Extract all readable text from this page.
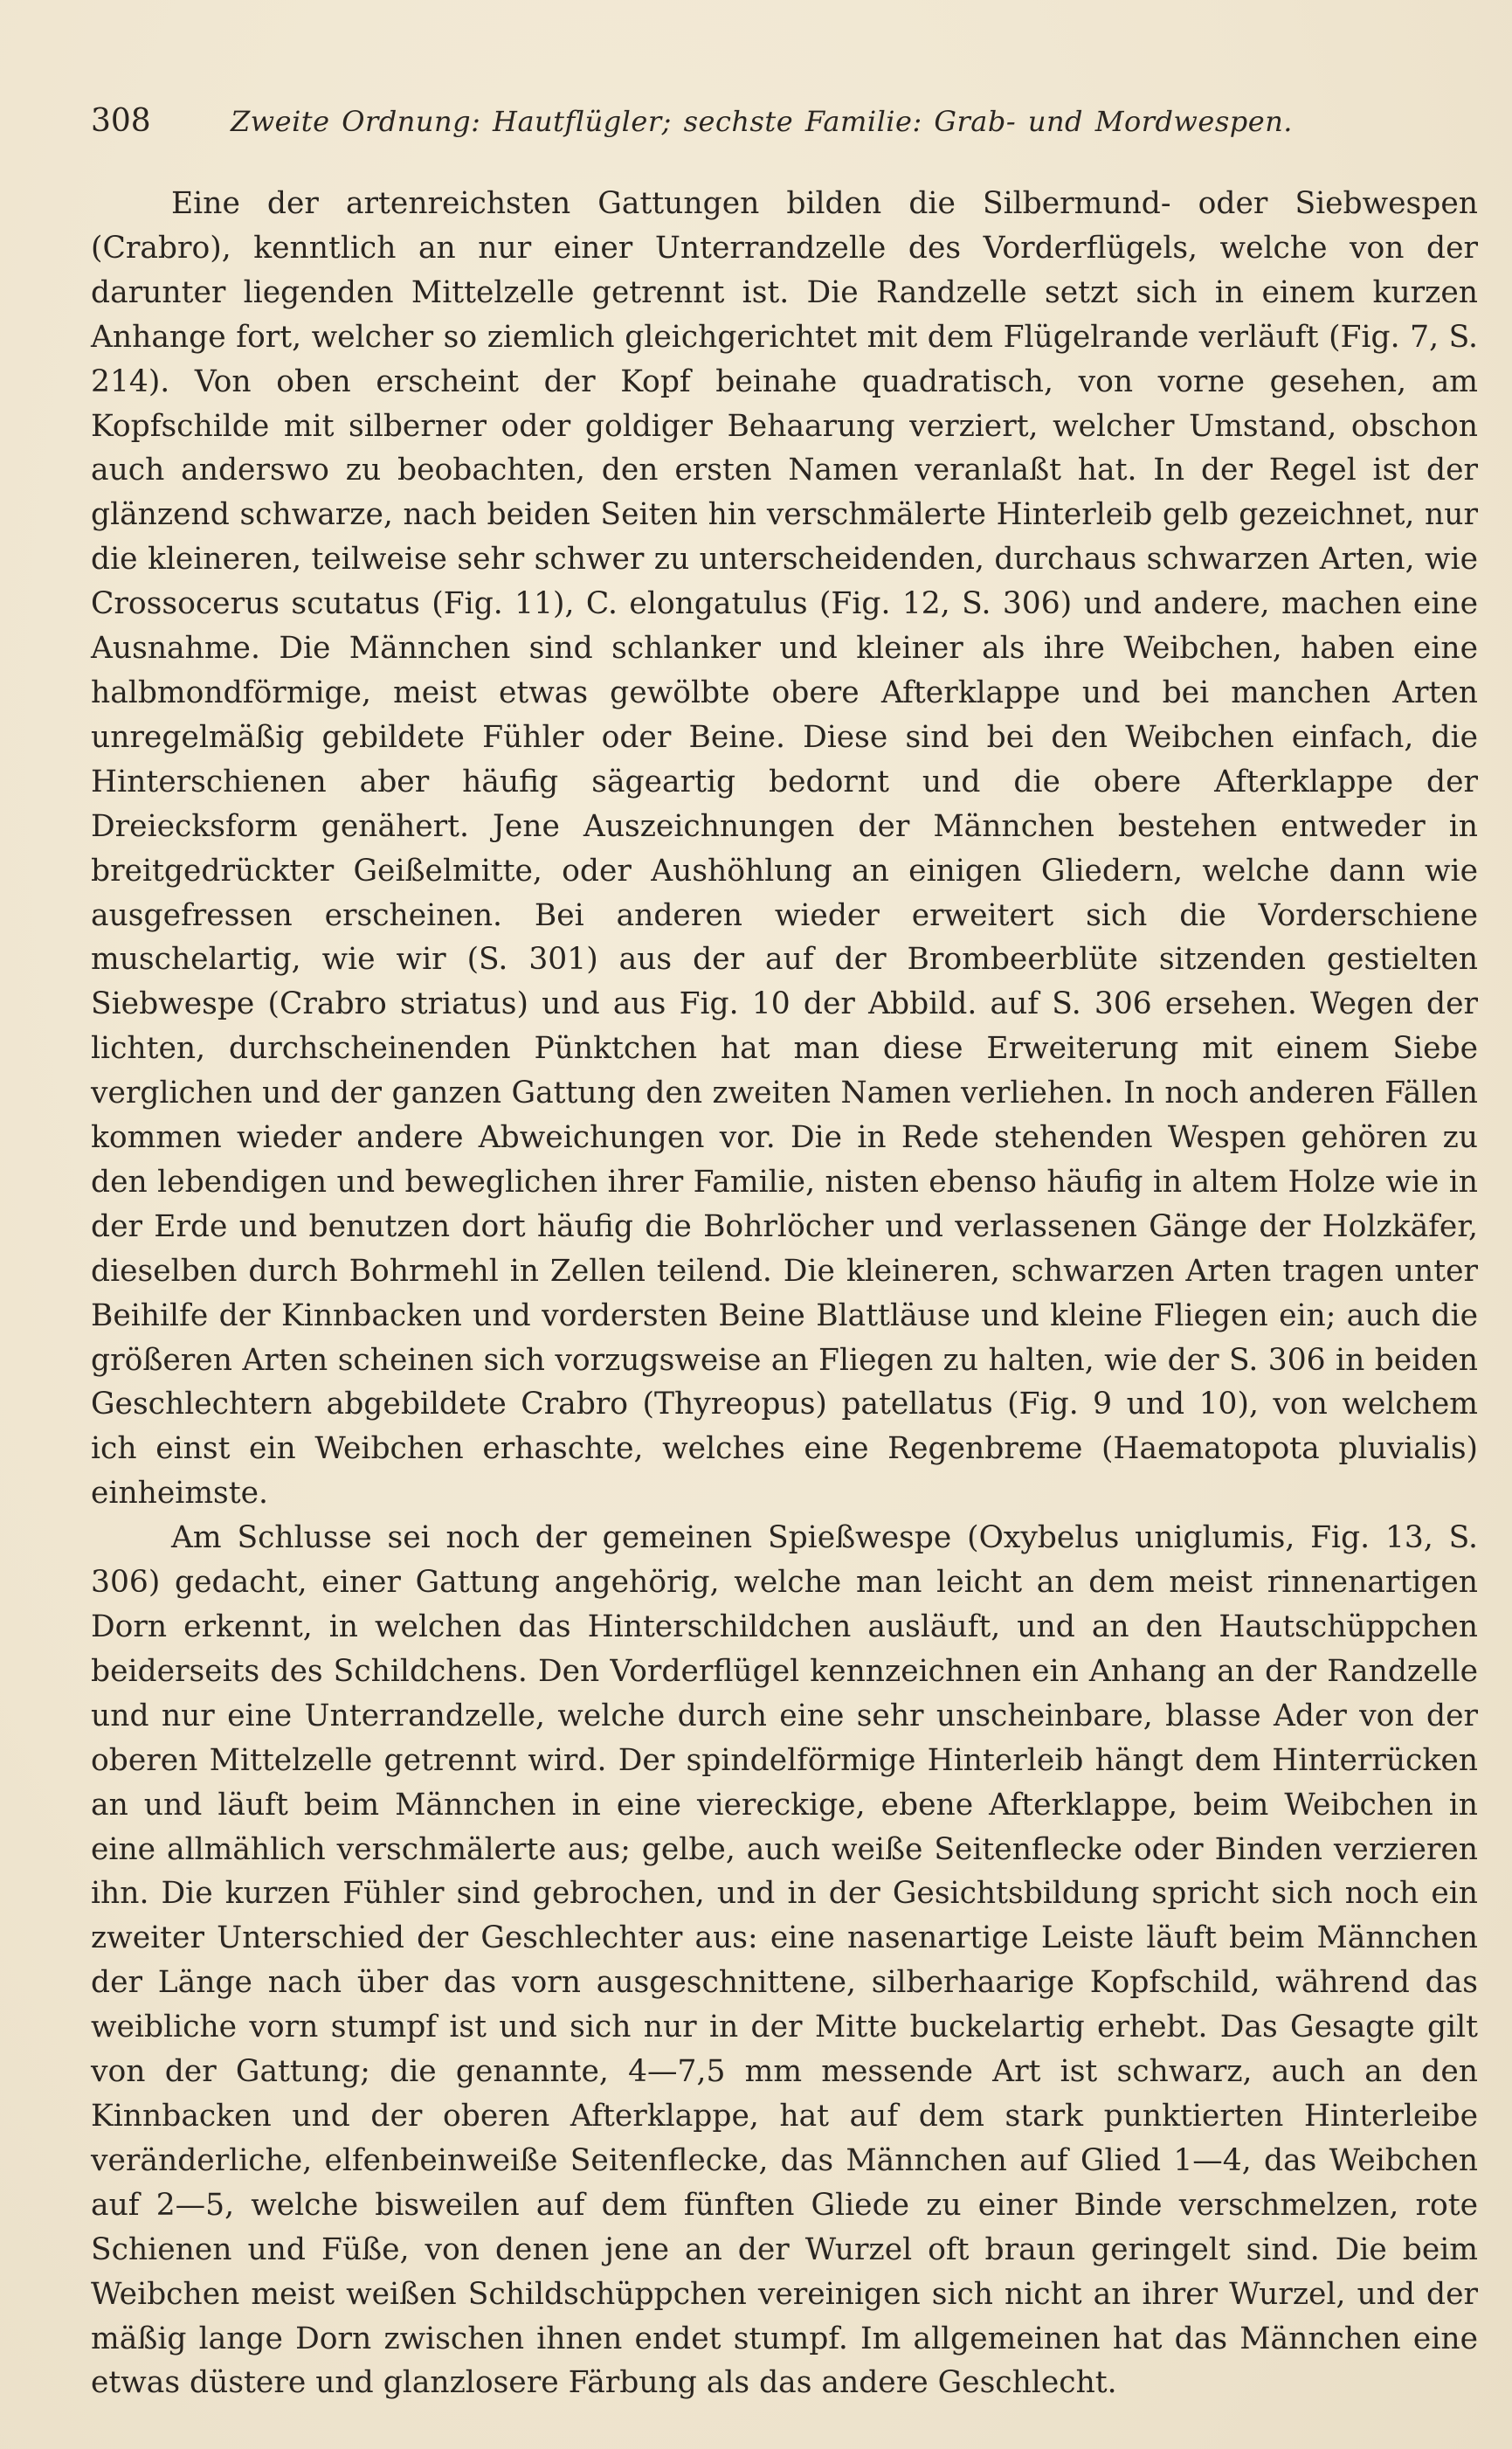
308	Zweite Ordnung: Hautflügler; sechste Familie: Grab- und Mordwespen.

Eine der artenreichsten Gattungen bilden die Silbermund- oder Siebwespen (Crabro), kenntlich an nur einer Unterrandzelle des Vorderflügels, welche von der darunter liegenden Mittelzelle getrennt ist. Die Randzelle setzt sich in einem kurzen Anhange fort, welcher so ziemlich gleichgerichtet mit dem Flügelrande verläuft (Fig. 7, S. 214). Von oben erscheint der Kopf beinahe quadratisch, von vorne gesehen, am Kopfschilde mit silberner oder goldiger Behaarung verziert, welcher Umstand, obschon auch anderswo zu beobachten, den ersten Namen veranlaßt hat. In der Regel ist der glänzend schwarze, nach beiden Seiten hin verschmälerte Hinterleib gelb gezeichnet, nur die kleineren, teilweise sehr schwer zu unterscheidenden, durchaus schwarzen Arten, wie Crossocerus scutatus (Fig. 11), C. elongatulus (Fig. 12, S. 306) und andere, machen eine Ausnahme. Die Männchen sind schlanker und kleiner als ihre Weibchen, haben eine halbmondförmige, meist etwas gewölbte obere Afterklappe und bei manchen Arten unregelmäßig gebildete Fühler oder Beine. Diese sind bei den Weibchen einfach, die Hinterschienen aber häufig sägeartig bedornt und die obere Afterklappe der Dreiecksform genähert. Jene Auszeichnungen der Männchen bestehen entweder in breitgedrückter Geißelmitte, oder Aushöhlung an einigen Gliedern, welche dann wie ausgefressen erscheinen. Bei anderen wieder erweitert sich die Vorderschiene muschelartig, wie wir (S. 301) aus der auf der Brombeerblüte sitzenden gestielten Siebwespe (Crabro striatus) und aus Fig. 10 der Abbild. auf S. 306 ersehen. Wegen der lichten, durchscheinenden Pünktchen hat man diese Erweiterung mit einem Siebe verglichen und der ganzen Gattung den zweiten Namen verliehen. In noch anderen Fällen kommen wieder andere Abweichungen vor. Die in Rede stehenden Wespen gehören zu den lebendigen und beweglichen ihrer Familie, nisten ebenso häufig in altem Holze wie in der Erde und benutzen dort häufig die Bohrlöcher und verlassenen Gänge der Holzkäfer, dieselben durch Bohrmehl in Zellen teilend. Die kleineren, schwarzen Arten tragen unter Beihilfe der Kinnbacken und vordersten Beine Blattläuse und kleine Fliegen ein; auch die größeren Arten scheinen sich vorzugsweise an Fliegen zu halten, wie der S. 306 in beiden Geschlechtern abgebildete Crabro (Thyreopus) patellatus (Fig. 9 und 10), von welchem ich einst ein Weibchen erhaschte, welches eine Regenbreme (Haematopota pluvialis) einheimste.

Am Schlusse sei noch der gemeinen Spießwespe (Oxybelus uniglumis, Fig. 13, S. 306) gedacht, einer Gattung angehörig, welche man leicht an dem meist rinnenartigen Dorn erkennt, in welchen das Hinterschildchen ausläuft, und an den Hautschüppchen beiderseits des Schildchens. Den Vorderflügel kennzeichnen ein Anhang an der Randzelle und nur eine Unterrandzelle, welche durch eine sehr unscheinbare, blasse Ader von der oberen Mittelzelle getrennt wird. Der spindelförmige Hinterleib hängt dem Hinterrücken an und läuft beim Männchen in eine viereckige, ebene Afterklappe, beim Weibchen in eine allmählich verschmälerte aus; gelbe, auch weiße Seitenflecke oder Binden verzieren ihn. Die kurzen Fühler sind gebrochen, und in der Gesichtsbildung spricht sich noch ein zweiter Unterschied der Geschlechter aus: eine nasenartige Leiste läuft beim Männchen der Länge nach über das vorn ausgeschnittene, silberhaarige Kopfschild, während das weibliche vorn stumpf ist und sich nur in der Mitte buckelartig erhebt. Das Gesagte gilt von der Gattung; die genannte, 4—7,5 mm messende Art ist schwarz, auch an den Kinnbacken und der oberen Afterklappe, hat auf dem stark punktierten Hinterleibe veränderliche, elfenbeinweiße Seitenflecke, das Männchen auf Glied 1—4, das Weibchen auf 2—5, welche bisweilen auf dem fünften Gliede zu einer Binde verschmelzen, rote Schienen und Füße, von denen jene an der Wurzel oft braun geringelt sind. Die beim Weibchen meist weißen Schildschüppchen vereinigen sich nicht an ihrer Wurzel, und der mäßig lange Dorn zwischen ihnen endet stumpf. Im allgemeinen hat das Männchen eine etwas düstere und glanzlosere Färbung als das andere Geschlecht.
